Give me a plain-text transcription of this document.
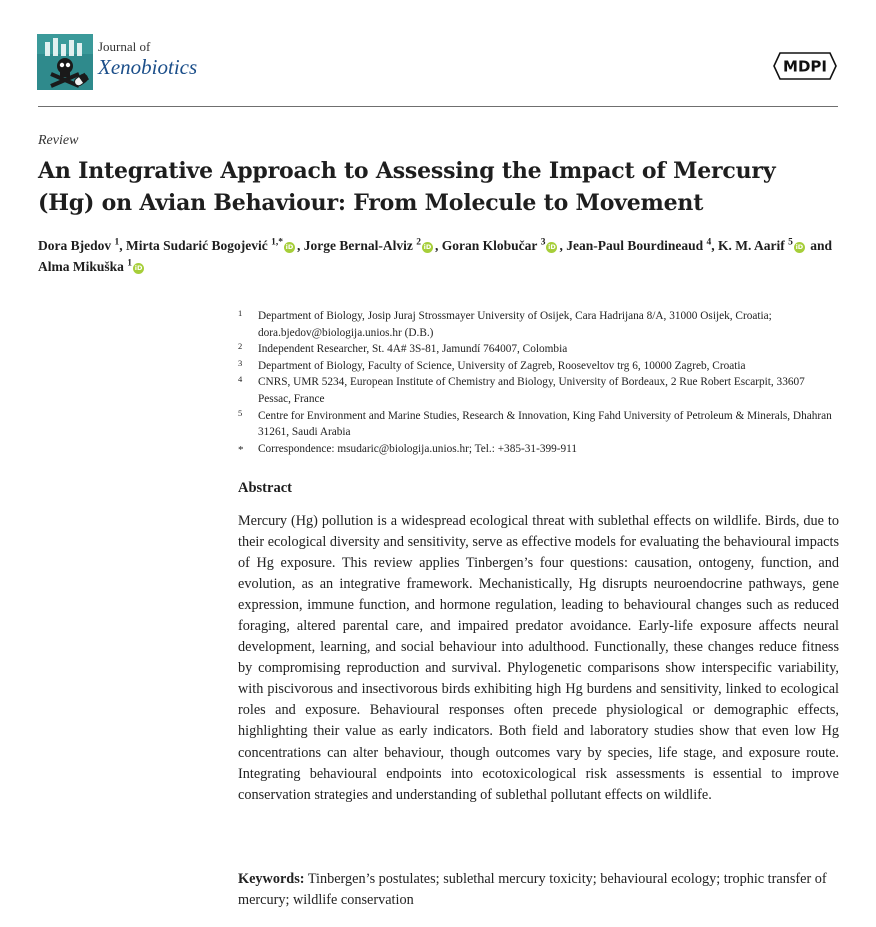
Journal of
Xenobiotics	MDPI
Review
An Integrative Approach to Assessing the Impact of Mercury (Hg) on Avian Behaviour: From Molecule to Movement
Dora Bjedov $^1$, Mirta Sudarić Bogojević $^{1,*}$ iD , Jorge Bernal-Alviz $^2$ iD , Goran Klobučar $^3$ iD , Jean-Paul Bourdineaud $^4$, K. M. Aarif $^5$ iD and Alma Mikuška $^1$ iD
1 Department of Biology, Josip Juraj Strossmayer University of Osijek, Cara Hadrijana 8/A, 31000 Osijek, Croatia; dora.bjedov@biologija.unios.hr (D.B.)
2 Independent Researcher, St. 4A# 3S-81, Jamundí 764007, Colombia
3 Department of Biology, Faculty of Science, University of Zagreb, Rooseveltov trg 6, 10000 Zagreb, Croatia
4 CNRS, UMR 5234, European Institute of Chemistry and Biology, University of Bordeaux, 2 Rue Robert Escarpit, 33607 Pessac, France
5 Centre for Environment and Marine Studies, Research & Innovation, King Fahd University of Petroleum & Minerals, Dhahran 31261, Saudi Arabia
* Correspondence: msudaric@biologija.unios.hr; Tel.: +385-31-399-911
Abstract

Mercury (Hg) pollution is a widespread ecological threat with sublethal effects on wildlife. Birds, due to their ecological diversity and sensitivity, serve as effective models for evaluating the behavioural impacts of Hg exposure. This review applies Tinbergen’s four questions: causation, ontogeny, function, and evolution, as an integrative framework. Mechanistically, Hg disrupts neuroendocrine pathways, gene expression, immune function, and hormone regulation, leading to behavioural changes such as reduced foraging, altered parental care, and impaired predator avoidance. Early-life exposure affects neural development, learning, and social behaviour into adulthood. Functionally, these changes reduce fitness by compromising reproduction and survival. Phylogenetic comparisons show interspecific variability, with piscivorous and insectivorous birds exhibiting high Hg burdens and sensitivity, linked to ecological roles and exposure. Behavioural responses often precede physiological or demographic effects, highlighting their value as early indicators. Both field and laboratory studies show that even low Hg concentrations can alter behaviour, though outcomes vary by species, life stage, and exposure route. Integrating behavioural endpoints into ecotoxicological risk assessments is essential to improve conservation strategies and understanding of sublethal pollutant effects on wildlife.

Keywords: Tinbergen’s postulates; sublethal mercury toxicity; behavioural ecology; trophic transfer of mercury; wildlife conservation
